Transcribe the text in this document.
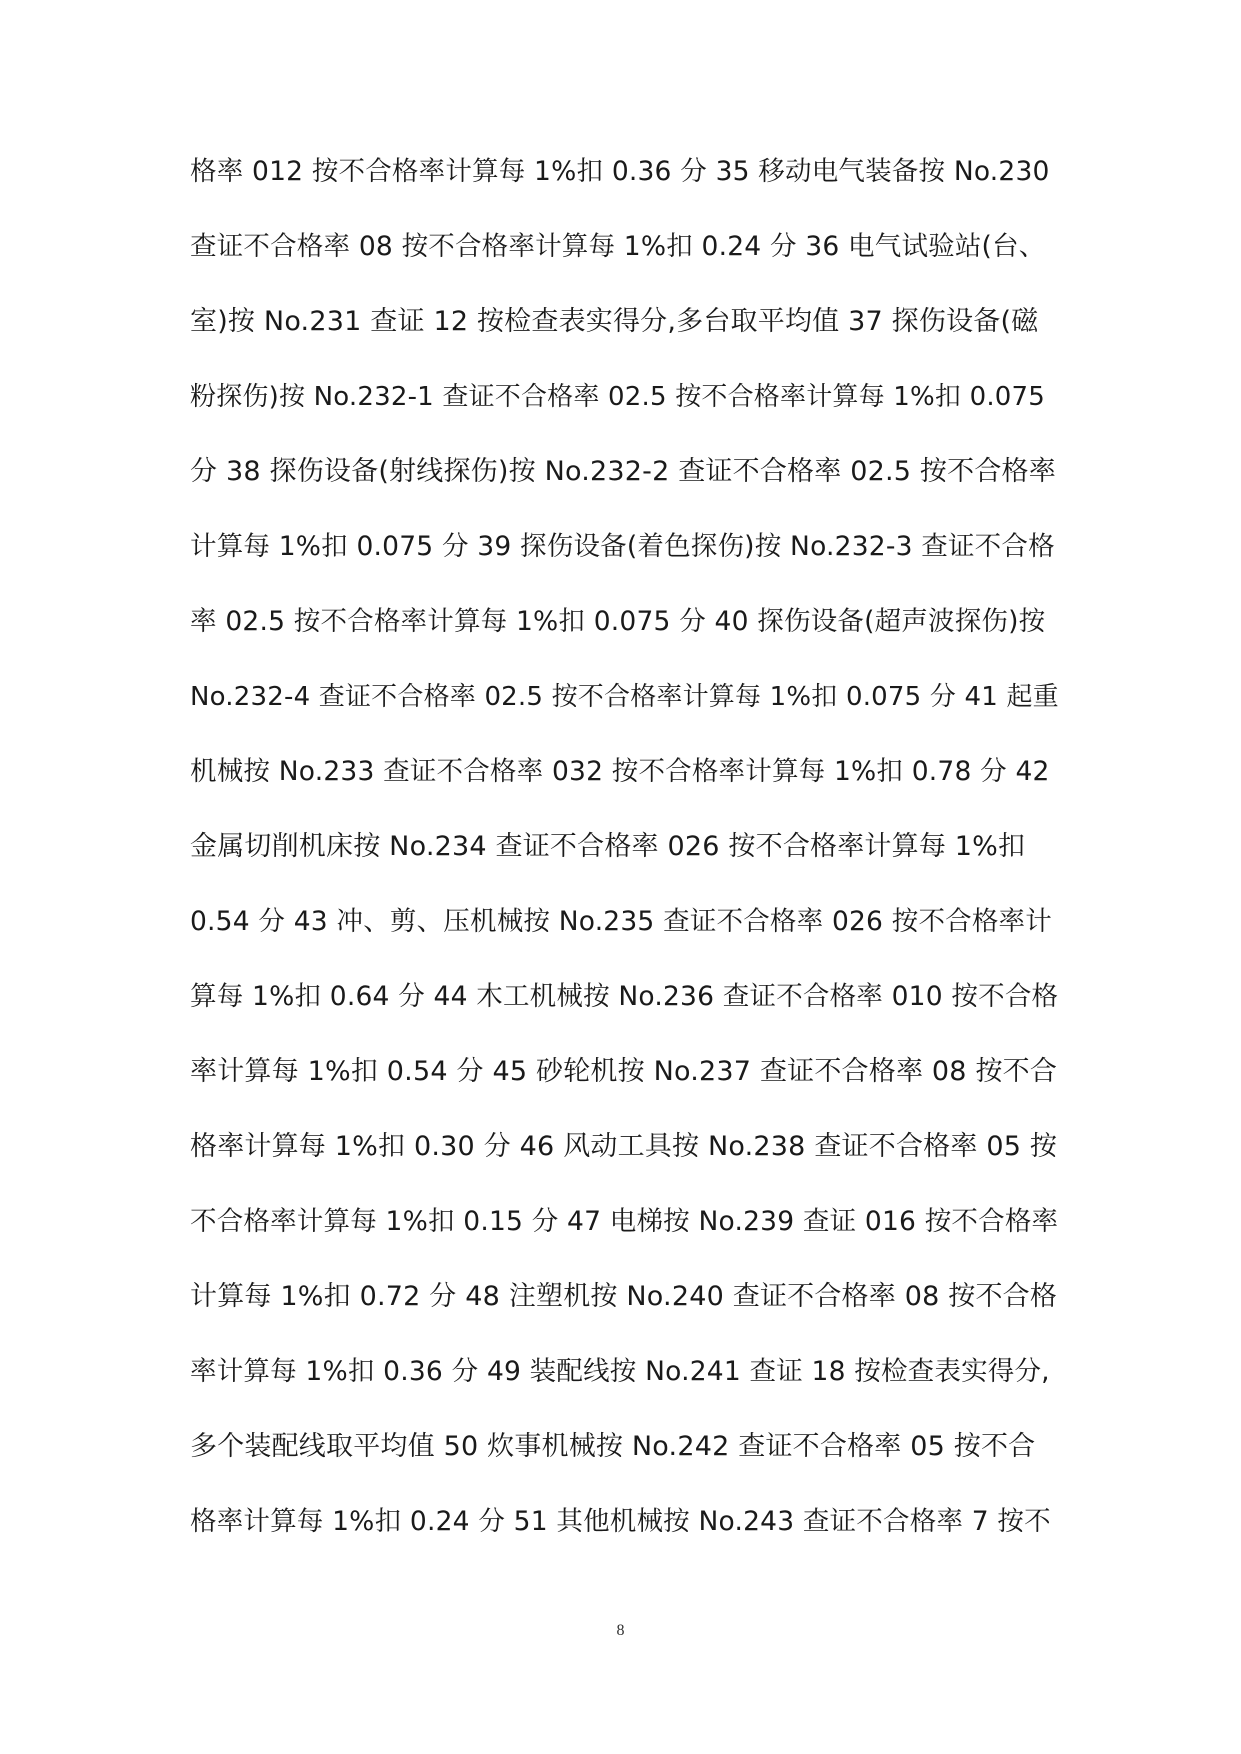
格率 012 按不合格率计算每 1%扣 0.36 分 35 移动电气装备按 No.230
查证不合格率 08 按不合格率计算每 1%扣 0.24 分 36 电气试验站(台、
室)按 No.231 查证 12 按检查表实得分,多台取平均值 37 探伤设备(磁
粉探伤)按 No.232-1 查证不合格率 02.5 按不合格率计算每 1%扣 0.075
分 38 探伤设备(射线探伤)按 No.232-2 查证不合格率 02.5 按不合格率
计算每 1%扣 0.075 分 39 探伤设备(着色探伤)按 No.232-3 查证不合格
率 02.5 按不合格率计算每 1%扣 0.075 分 40 探伤设备(超声波探伤)按
No.232-4 查证不合格率 02.5 按不合格率计算每 1%扣 0.075 分 41 起重
机械按 No.233 查证不合格率 032 按不合格率计算每 1%扣 0.78 分 42
金属切削机床按 No.234 查证不合格率 026 按不合格率计算每 1%扣
0.54 分 43 冲、剪、压机械按 No.235 查证不合格率 026 按不合格率计
算每 1%扣 0.64 分 44 木工机械按 No.236 查证不合格率 010 按不合格
率计算每 1%扣 0.54 分 45 砂轮机按 No.237 查证不合格率 08 按不合
格率计算每 1%扣 0.30 分 46 风动工具按 No.238 查证不合格率 05 按
不合格率计算每 1%扣 0.15 分 47 电梯按 No.239 查证 016 按不合格率
计算每 1%扣 0.72 分 48 注塑机按 No.240 查证不合格率 08 按不合格
率计算每 1%扣 0.36 分 49 装配线按 No.241 查证 18 按检查表实得分,
多个装配线取平均值 50 炊事机械按 No.242 查证不合格率 05 按不合
格率计算每 1%扣 0.24 分 51 其他机械按 No.243 查证不合格率 7 按不
8
